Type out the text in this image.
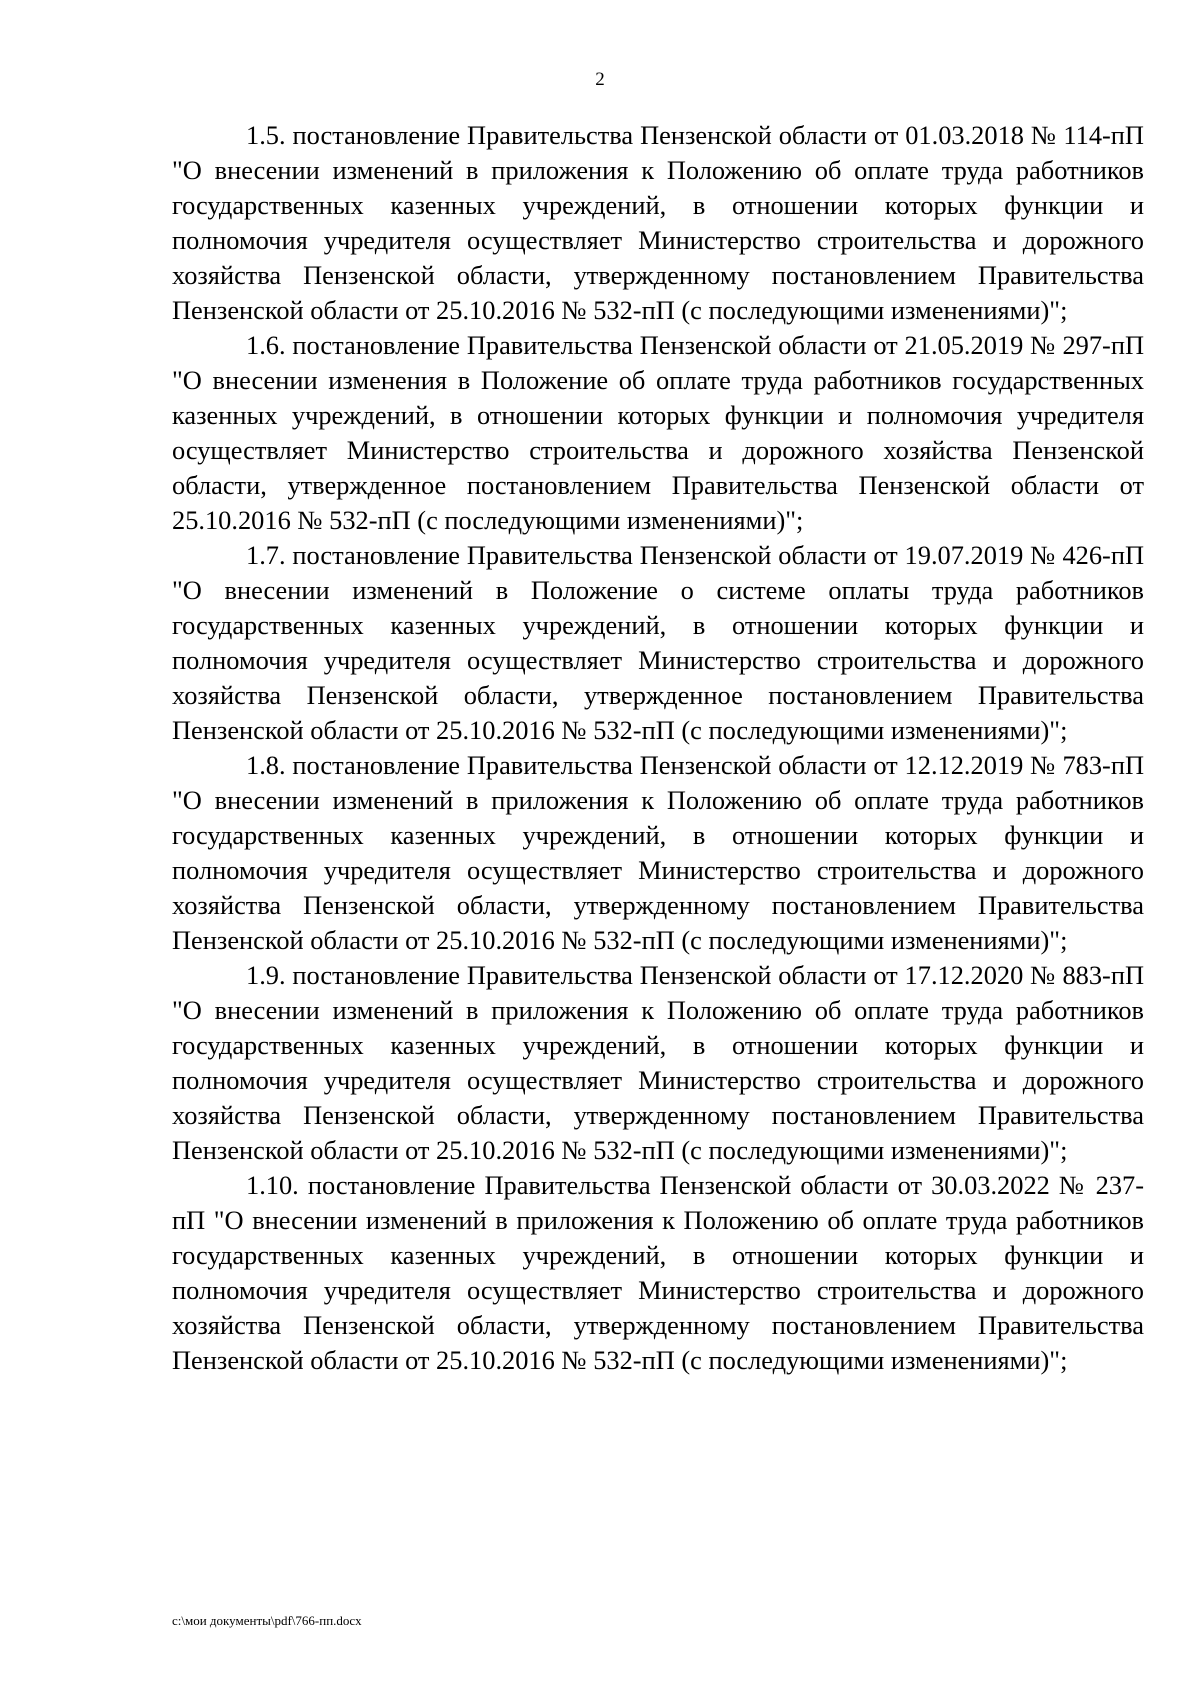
2

1.5. постановление Правительства Пензенской области от 01.03.2018 № 114-пП "О внесении изменений в приложения к Положению об оплате труда работников государственных казенных учреждений, в отношении которых функции и полномочия учредителя осуществляет Министерство строительства и дорожного хозяйства Пензенской области, утвержденному постановлением Правительства Пензенской области от 25.10.2016 № 532-пП (с последующими изменениями)";

1.6. постановление Правительства Пензенской области от 21.05.2019 № 297-пП "О внесении изменения в Положение об оплате труда работников государственных казенных учреждений, в отношении которых функции и полномочия учредителя осуществляет Министерство строительства и дорожного хозяйства Пензенской области, утвержденное постановлением Правительства Пензенской области от 25.10.2016 № 532-пП (с последующими изменениями)";

1.7. постановление Правительства Пензенской области от 19.07.2019 № 426-пП "О внесении изменений в Положение о системе оплаты труда работников государственных казенных учреждений, в отношении которых функции и полномочия учредителя осуществляет Министерство строительства и дорожного хозяйства Пензенской области, утвержденное постановлением Правительства Пензенской области от 25.10.2016 № 532-пП (с последующими изменениями)";

1.8. постановление Правительства Пензенской области от 12.12.2019 № 783-пП "О внесении изменений в приложения к Положению об оплате труда работников государственных казенных учреждений, в отношении которых функции и полномочия учредителя осуществляет Министерство строительства и дорожного хозяйства Пензенской области, утвержденному постановлением Правительства Пензенской области от 25.10.2016 № 532-пП (с последующими изменениями)";

1.9. постановление Правительства Пензенской области от 17.12.2020 № 883-пП "О внесении изменений в приложения к Положению об оплате труда работников государственных казенных учреждений, в отношении которых функции и полномочия учредителя осуществляет Министерство строительства и дорожного хозяйства Пензенской области, утвержденному постановлением Правительства Пензенской области от 25.10.2016 № 532-пП (с последующими изменениями)";

1.10. постановление Правительства Пензенской области от 30.03.2022 № 237-пП "О внесении изменений в приложения к Положению об оплате труда работников государственных казенных учреждений, в отношении которых функции и полномочия учредителя осуществляет Министерство строительства и дорожного хозяйства Пензенской области, утвержденному постановлением Правительства Пензенской области от 25.10.2016 № 532-пП (с последующими изменениями)";

c:\мои документы\pdf\766-пп.docx
